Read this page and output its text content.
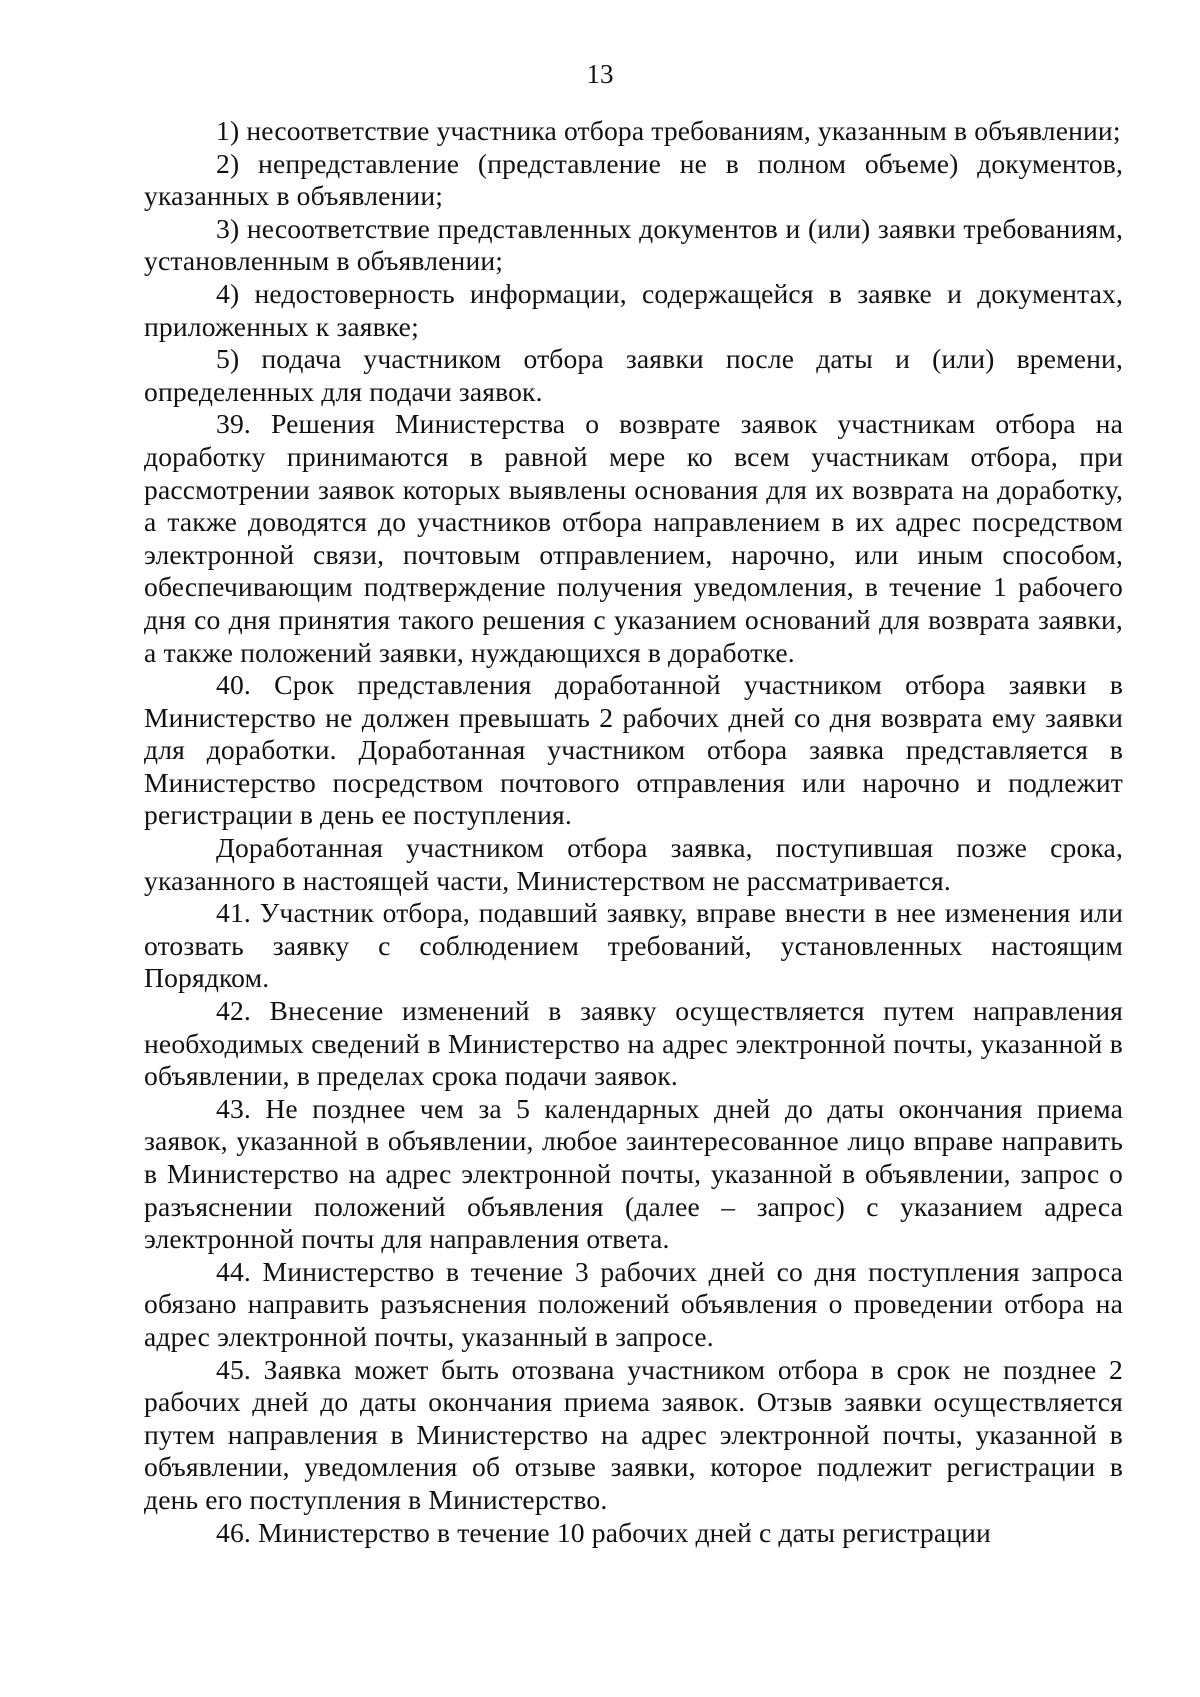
13

1) несоответствие участника отбора требованиям, указанным в объявлении;

2) непредставление (представление не в полном объеме) документов, указанных в объявлении;

3) несоответствие представленных документов и (или) заявки требованиям, установленным в объявлении;

4) недостоверность информации, содержащейся в заявке и документах, приложенных к заявке;

5) подача участником отбора заявки после даты и (или) времени, определенных для подачи заявок.

39. Решения Министерства о возврате заявок участникам отбора на доработку принимаются в равной мере ко всем участникам отбора, при рассмотрении заявок которых выявлены основания для их возврата на доработку, а также доводятся до участников отбора направлением в их адрес посредством электронной связи, почтовым отправлением, нарочно, или иным способом, обеспечивающим подтверждение получения уведомления, в течение 1 рабочего дня со дня принятия такого решения с указанием оснований для возврата заявки, а также положений заявки, нуждающихся в доработке.

40. Срок представления доработанной участником отбора заявки в Министерство не должен превышать 2 рабочих дней со дня возврата ему заявки для доработки. Доработанная участником отбора заявка представляется в Министерство посредством почтового отправления или нарочно и подлежит регистрации в день ее поступления.

Доработанная участником отбора заявка, поступившая позже срока, указанного в настоящей части, Министерством не рассматривается.

41. Участник отбора, подавший заявку, вправе внести в нее изменения или отозвать заявку с соблюдением требований, установленных настоящим Порядком.

42. Внесение изменений в заявку осуществляется путем направления необходимых сведений в Министерство на адрес электронной почты, указанной в объявлении, в пределах срока подачи заявок.

43. Не позднее чем за 5 календарных дней до даты окончания приема заявок, указанной в объявлении, любое заинтересованное лицо вправе направить в Министерство на адрес электронной почты, указанной в объявлении, запрос о разъяснении положений объявления (далее – запрос) с указанием адреса электронной почты для направления ответа.

44. Министерство в течение 3 рабочих дней со дня поступления запроса обязано направить разъяснения положений объявления о проведении отбора на адрес электронной почты, указанный в запросе.

45. Заявка может быть отозвана участником отбора в срок не позднее 2 рабочих дней до даты окончания приема заявок. Отзыв заявки осуществляется путем направления в Министерство на адрес электронной почты, указанной в объявлении, уведомления об отзыве заявки, которое подлежит регистрации в день его поступления в Министерство.

46. Министерство в течение 10 рабочих дней с даты регистрации
